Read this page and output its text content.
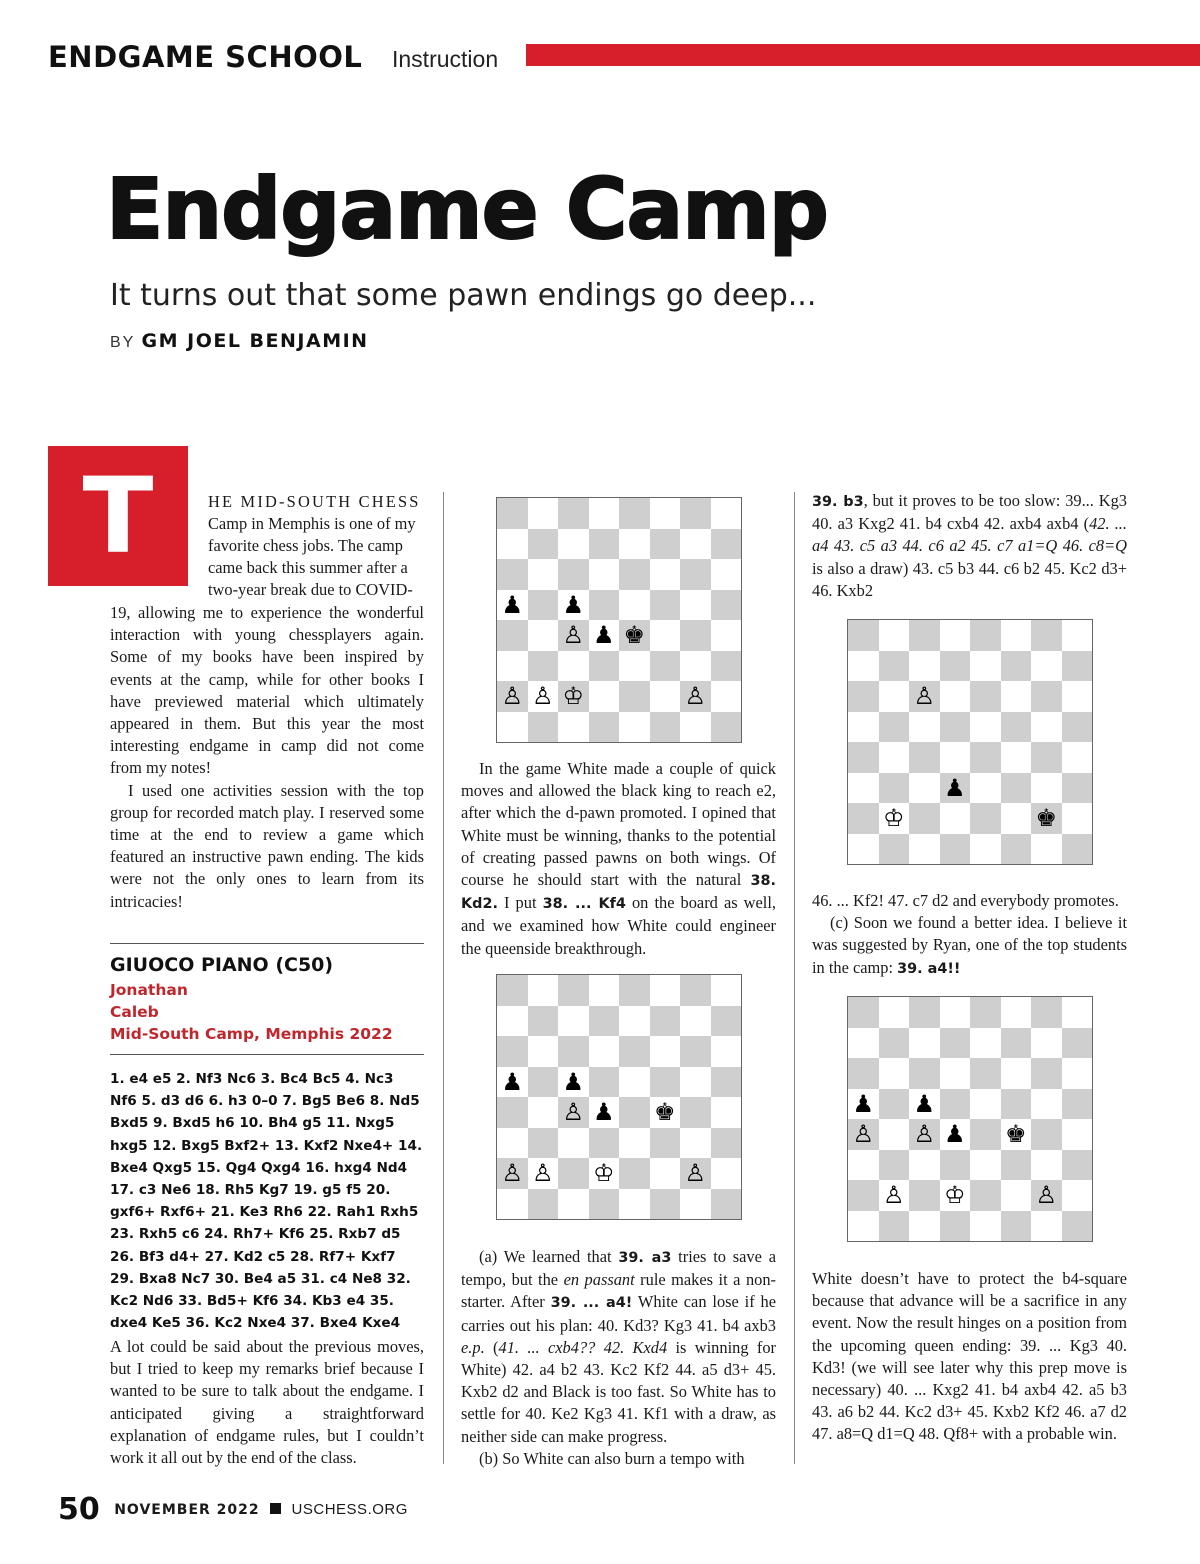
ENDGAME SCHOOL Instruction
Endgame Camp
It turns out that some pawn endings go deep...
BY GM JOEL BENJAMIN
T	HE MID-SOUTH CHESS
Camp in Memphis is one of my
favorite chess jobs. The camp
came back this summer after a
two-year break due to COVID-

19, allowing me to experience the wonderful interaction with young chessplayers again. Some of my books have been inspired by events at the camp, while for other books I have previewed material which ultimately appeared in them. But this year the most interesting endgame in camp did not come from my notes!

I used one activities session with the top group for recorded match play. I reserved some time at the end to review a game which featured an instructive pawn ending. The kids were not the only ones to learn from its intricacies!

GIUOCO PIANO (C50)
Jonathan
Caleb
Mid-South Camp, Memphis 2022
1. e4 e5 2. Nf3 Nc6 3. Bc4 Bc5 4. Nc3 Nf6 5. d3 d6 6. h3 0–0 7. Bg5 Be6 8. Nd5 Bxd5 9. Bxd5 h6 10. Bh4 g5 11. Nxg5 hxg5 12. Bxg5 Bxf2+ 13. Kxf2 Nxe4+ 14. Bxe4 Qxg5 15. Qg4 Qxg4 16. hxg4 Nd4 17. c3 Ne6 18. Rh5 Kg7 19. g5 f5 20. gxf6+ Rxf6+ 21. Ke3 Rh6 22. Rah1 Rxh5 23. Rxh5 c6 24. Rh7+ Kf6 25. Rxb7 d5 26. Bf3 d4+ 27. Kd2 c5 28. Rf7+ Kxf7 29. Bxa8 Nc7 30. Be4 a5 31. c4 Ne8 32. Kc2 Nd6 33. Bd5+ Kf6 34. Kb3 e4 35. dxe4 Ke5 36. Kc2 Nxe4 37. Bxe4 Kxe4

A lot could be said about the previous moves, but I tried to keep my remarks brief because I wanted to be sure to talk about the endgame. I anticipated giving a straightforward explanation of endgame rules, but I couldn’t work it all out by the end of the class.

♟ ♟
♙ ♟ ♚
♙ ♙ ♔	♙

In the game White made a couple of quick moves and allowed the black king to reach e2, after which the d-pawn promoted. I opined that White must be winning, thanks to the potential of creating passed pawns on both wings. Of course he should start with the natural 38. Kd2. I put 38. ... Kf4 on the board as well, and we examined how White could engineer the queenside breakthrough.

♟ ♟
♙ ♟ ♚
♙ ♙ ♔	♙

(a) We learned that 39. a3 tries to save a tempo, but the en passant rule makes it a non-starter. After 39. ... a4! White can lose if he carries out his plan: 40. Kd3? Kg3 41. b4 axb3 e.p. (41. ... cxb4?? 42. Kxd4 is winning for White) 42. a4 b2 43. Kc2 Kf2 44. a5 d3+ 45. Kxb2 d2 and Black is too fast. So White has to settle for 40. Ke2 Kg3 41. Kf1 with a draw, as neither side can make progress.

(b) So White can also burn a tempo with

39. b3, but it proves to be too slow: 39... Kg3 40. a3 Kxg2 41. b4 cxb4 42. axb4 axb4 (42. ... a4 43. c5 a3 44. c6 a2 45. c7 a1=Q 46. c8=Q is also a draw) 43. c5 b3 44. c6 b2 45. Kc2 d3+ 46. Kxb2

♙
♟
♔	♚

46. ... Kf2! 47. c7 d2 and everybody promotes.

(c) Soon we found a better idea. I believe it was suggested by Ryan, one of the top students in the camp: 39. a4!!

♟ ♟
♙ ♙ ♟ ♚
♙ ♔	♙

White doesn’t have to protect the b4-square because that advance will be a sacrifice in any event. Now the result hinges on a position from the upcoming queen ending: 39. ... Kg3 40. Kd3! (we will see later why this prep move is necessary) 40. ... Kxg2 41. b4 axb4 42. a5 b3 43. a6 b2 44. Kc2 d3+ 45. Kxb2 Kf2 46. a7 d2 47. a8=Q d1=Q 48. Qf8+ with a probable win.

50 NOVEMBER 2022 USCHESS.ORG
